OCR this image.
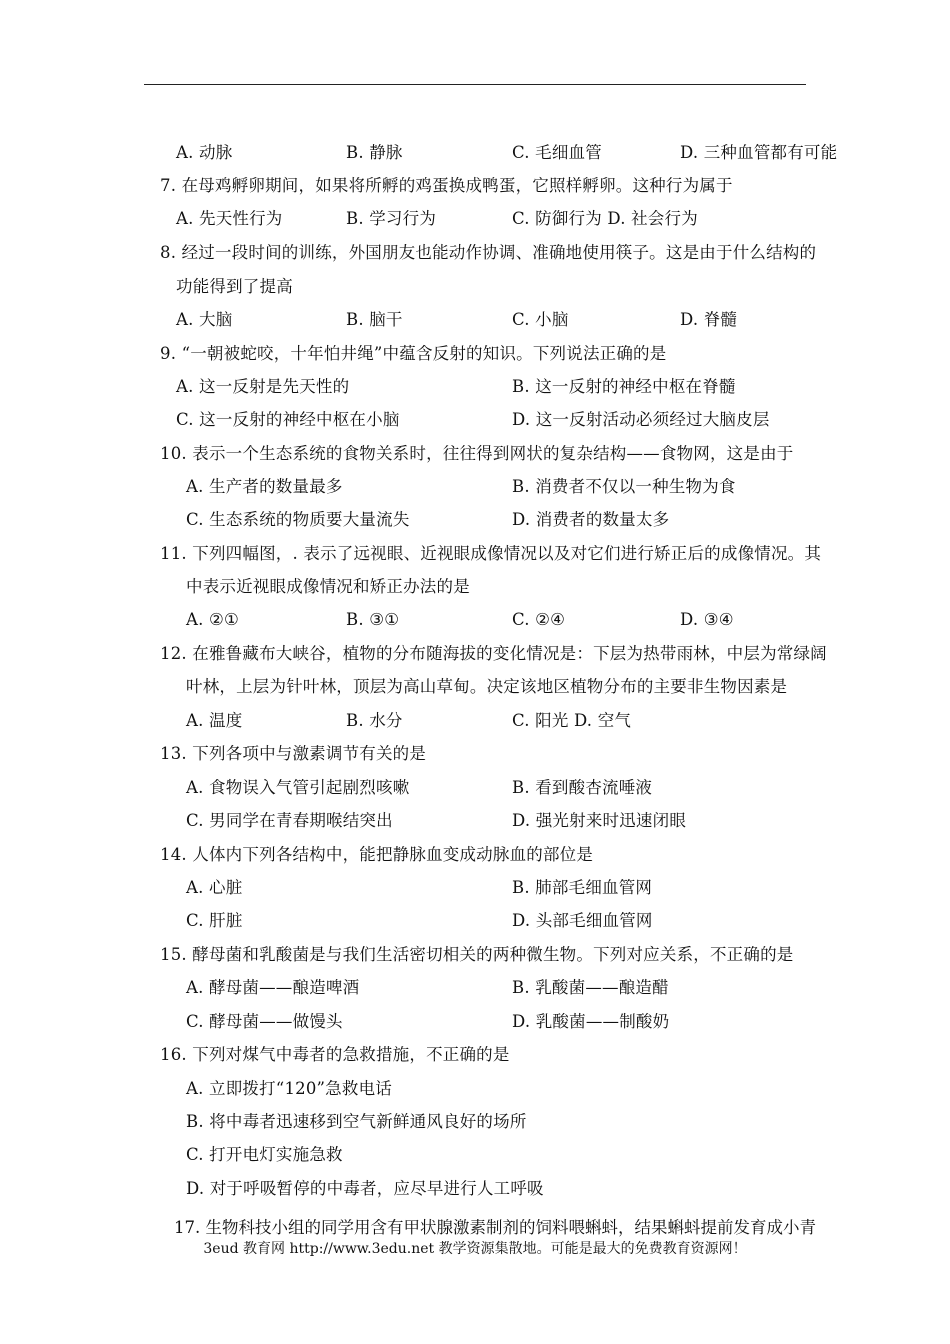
A. 动脉	B. 静脉	C. 毛细血管	D. 三种血管都有可能
7. 在母鸡孵卵期间，如果将所孵的鸡蛋换成鸭蛋，它照样孵卵。这种行为属于
A. 先天性行为	B. 学习行为	C. 防御行为 D. 社会行为
8. 经过一段时间的训练，外国朋友也能动作协调、准确地使用筷子。这是由于什么结构的
功能得到了提高
A. 大脑	B. 脑干	C. 小脑	D. 脊髓
9. “一朝被蛇咬，十年怕井绳”中蕴含反射的知识。下列说法正确的是
A. 这一反射是先天性的	B. 这一反射的神经中枢在脊髓
C. 这一反射的神经中枢在小脑	D. 这一反射活动必须经过大脑皮层
10. 表示一个生态系统的食物关系时，往往得到网状的复杂结构——食物网，这是由于
A. 生产者的数量最多	B. 消费者不仅以一种生物为食
C. 生态系统的物质要大量流失	D. 消费者的数量太多
11. 下列四幅图，. 表示了远视眼、近视眼成像情况以及对它们进行矫正后的成像情况。其
中表示近视眼成像情况和矫正办法的是
A. ②①	B. ③①	C. ②④	D. ③④
12. 在雅鲁藏布大峡谷，植物的分布随海拔的变化情况是：下层为热带雨林，中层为常绿阔
叶林，上层为针叶林，顶层为高山草甸。决定该地区植物分布的主要非生物因素是
A. 温度	B. 水分	C. 阳光 D. 空气
13. 下列各项中与激素调节有关的是
A. 食物误入气管引起剧烈咳嗽	B. 看到酸杏流唾液
C. 男同学在青春期喉结突出	D. 强光射来时迅速闭眼
14. 人体内下列各结构中，能把静脉血变成动脉血的部位是
A. 心脏	B. 肺部毛细血管网
C. 肝脏	D. 头部毛细血管网
15. 酵母菌和乳酸菌是与我们生活密切相关的两种微生物。下列对应关系，不正确的是
A. 酵母菌——酿造啤酒	B. 乳酸菌——酿造醋
C. 酵母菌——做馒头	D. 乳酸菌——制酸奶
16. 下列对煤气中毒者的急救措施，不正确的是
A. 立即拨打“120”急救电话
B. 将中毒者迅速移到空气新鲜通风良好的场所
C. 打开电灯实施急救
D. 对于呼吸暂停的中毒者，应尽早进行人工呼吸
17. 生物科技小组的同学用含有甲状腺激素制剂的饲料喂蝌蚪，结果蝌蚪提前发育成小青
3eud 教育网 http://www.3edu.net 教学资源集散地。可能是最大的免费教育资源网！
